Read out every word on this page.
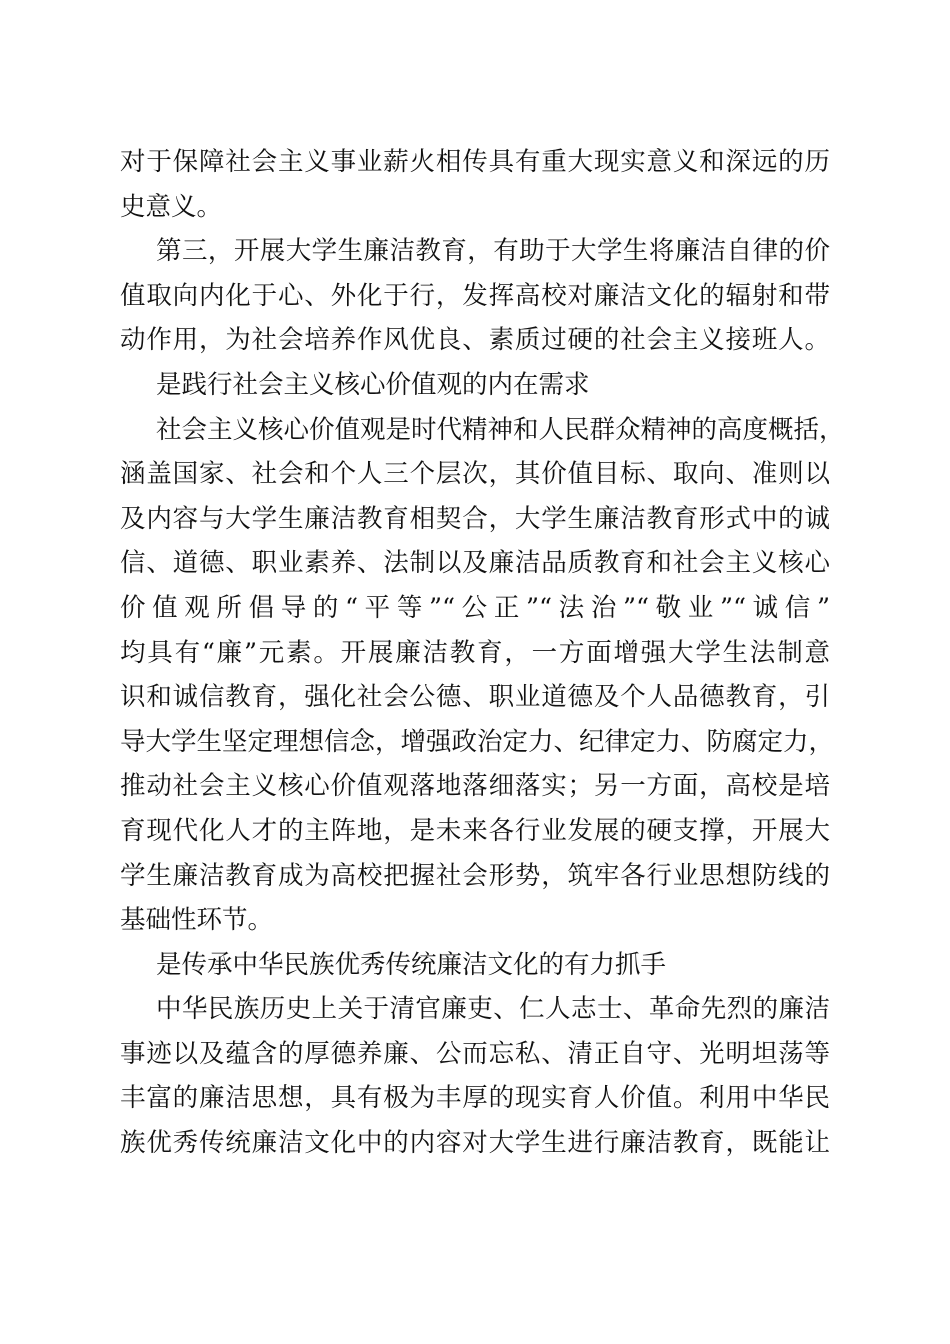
对于保障社会主义事业薪火相传具有重大现实意义和深远的历
史意义。
第三，开展大学生廉洁教育，有助于大学生将廉洁自律的价
值取向内化于心、外化于行，发挥高校对廉洁文化的辐射和带
动作用，为社会培养作风优良、素质过硬的社会主义接班人。
是践行社会主义核心价值观的内在需求
社会主义核心价值观是时代精神和人民群众精神的高度概括，
涵盖国家、社会和个人三个层次，其价值目标、取向、准则以
及内容与大学生廉洁教育相契合，大学生廉洁教育形式中的诚
信、道德、职业素养、法制以及廉洁品质教育和社会主义核心
价值观所倡导的“平等”“公正”“法治”“敬业”“诚信”
均具有“廉”元素。开展廉洁教育，一方面增强大学生法制意
识和诚信教育，强化社会公德、职业道德及个人品德教育，引
导大学生坚定理想信念，增强政治定力、纪律定力、防腐定力，
推动社会主义核心价值观落地落细落实；另一方面，高校是培
育现代化人才的主阵地，是未来各行业发展的硬支撑，开展大
学生廉洁教育成为高校把握社会形势，筑牢各行业思想防线的
基础性环节。
是传承中华民族优秀传统廉洁文化的有力抓手
中华民族历史上关于清官廉吏、仁人志士、革命先烈的廉洁
事迹以及蕴含的厚德养廉、公而忘私、清正自守、光明坦荡等
丰富的廉洁思想，具有极为丰厚的现实育人价值。利用中华民
族优秀传统廉洁文化中的内容对大学生进行廉洁教育，既能让
